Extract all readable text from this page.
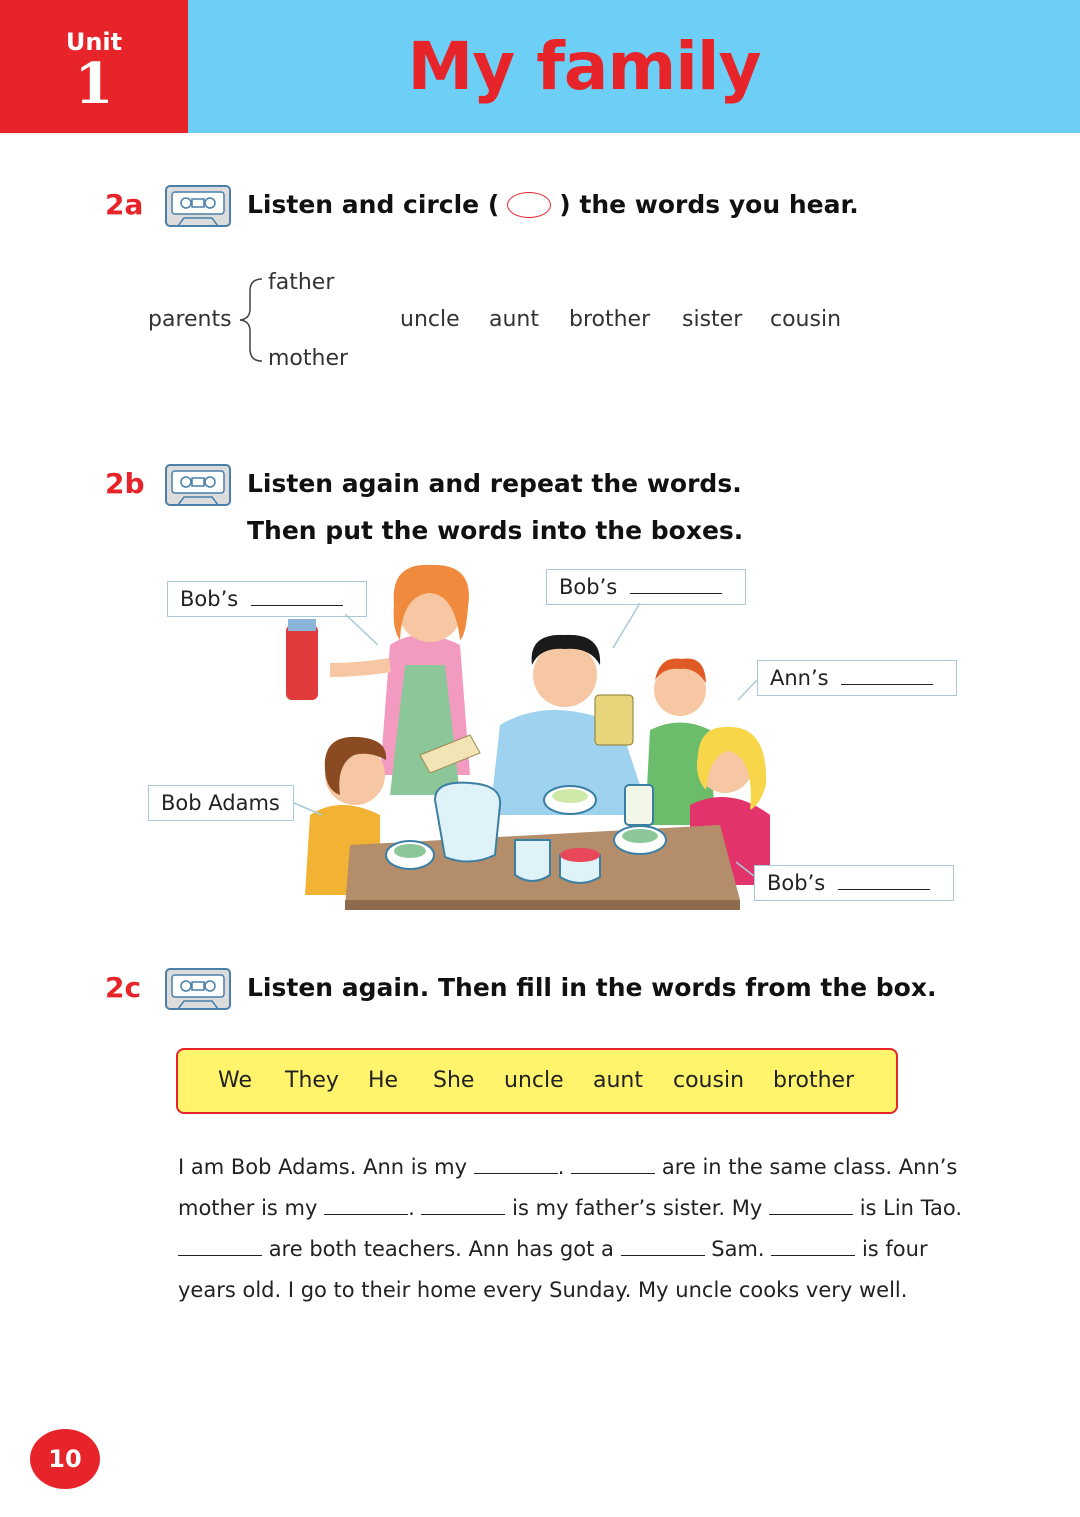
Unit
1	My family
2a	Listen and circle ( ) the words you hear.
parents
father
mother
uncle aunt brother sister cousin
2b	Listen again and repeat the words.
Then put the words into the boxes.
Bob’s	Bob’s
Ann’s
Bob Adams
Bob’s
2c	Listen again. Then fill in the words from the box.
We They He She uncle aunt cousin brother
I am Bob Adams. Ann is my	.	are in the same class. Ann’s
mother is my	.	is my father’s sister. My	is Lin Tao.
are both teachers. Ann has got a	Sam.	is four
years old. I go to their home every Sunday. My uncle cooks very well.
10
